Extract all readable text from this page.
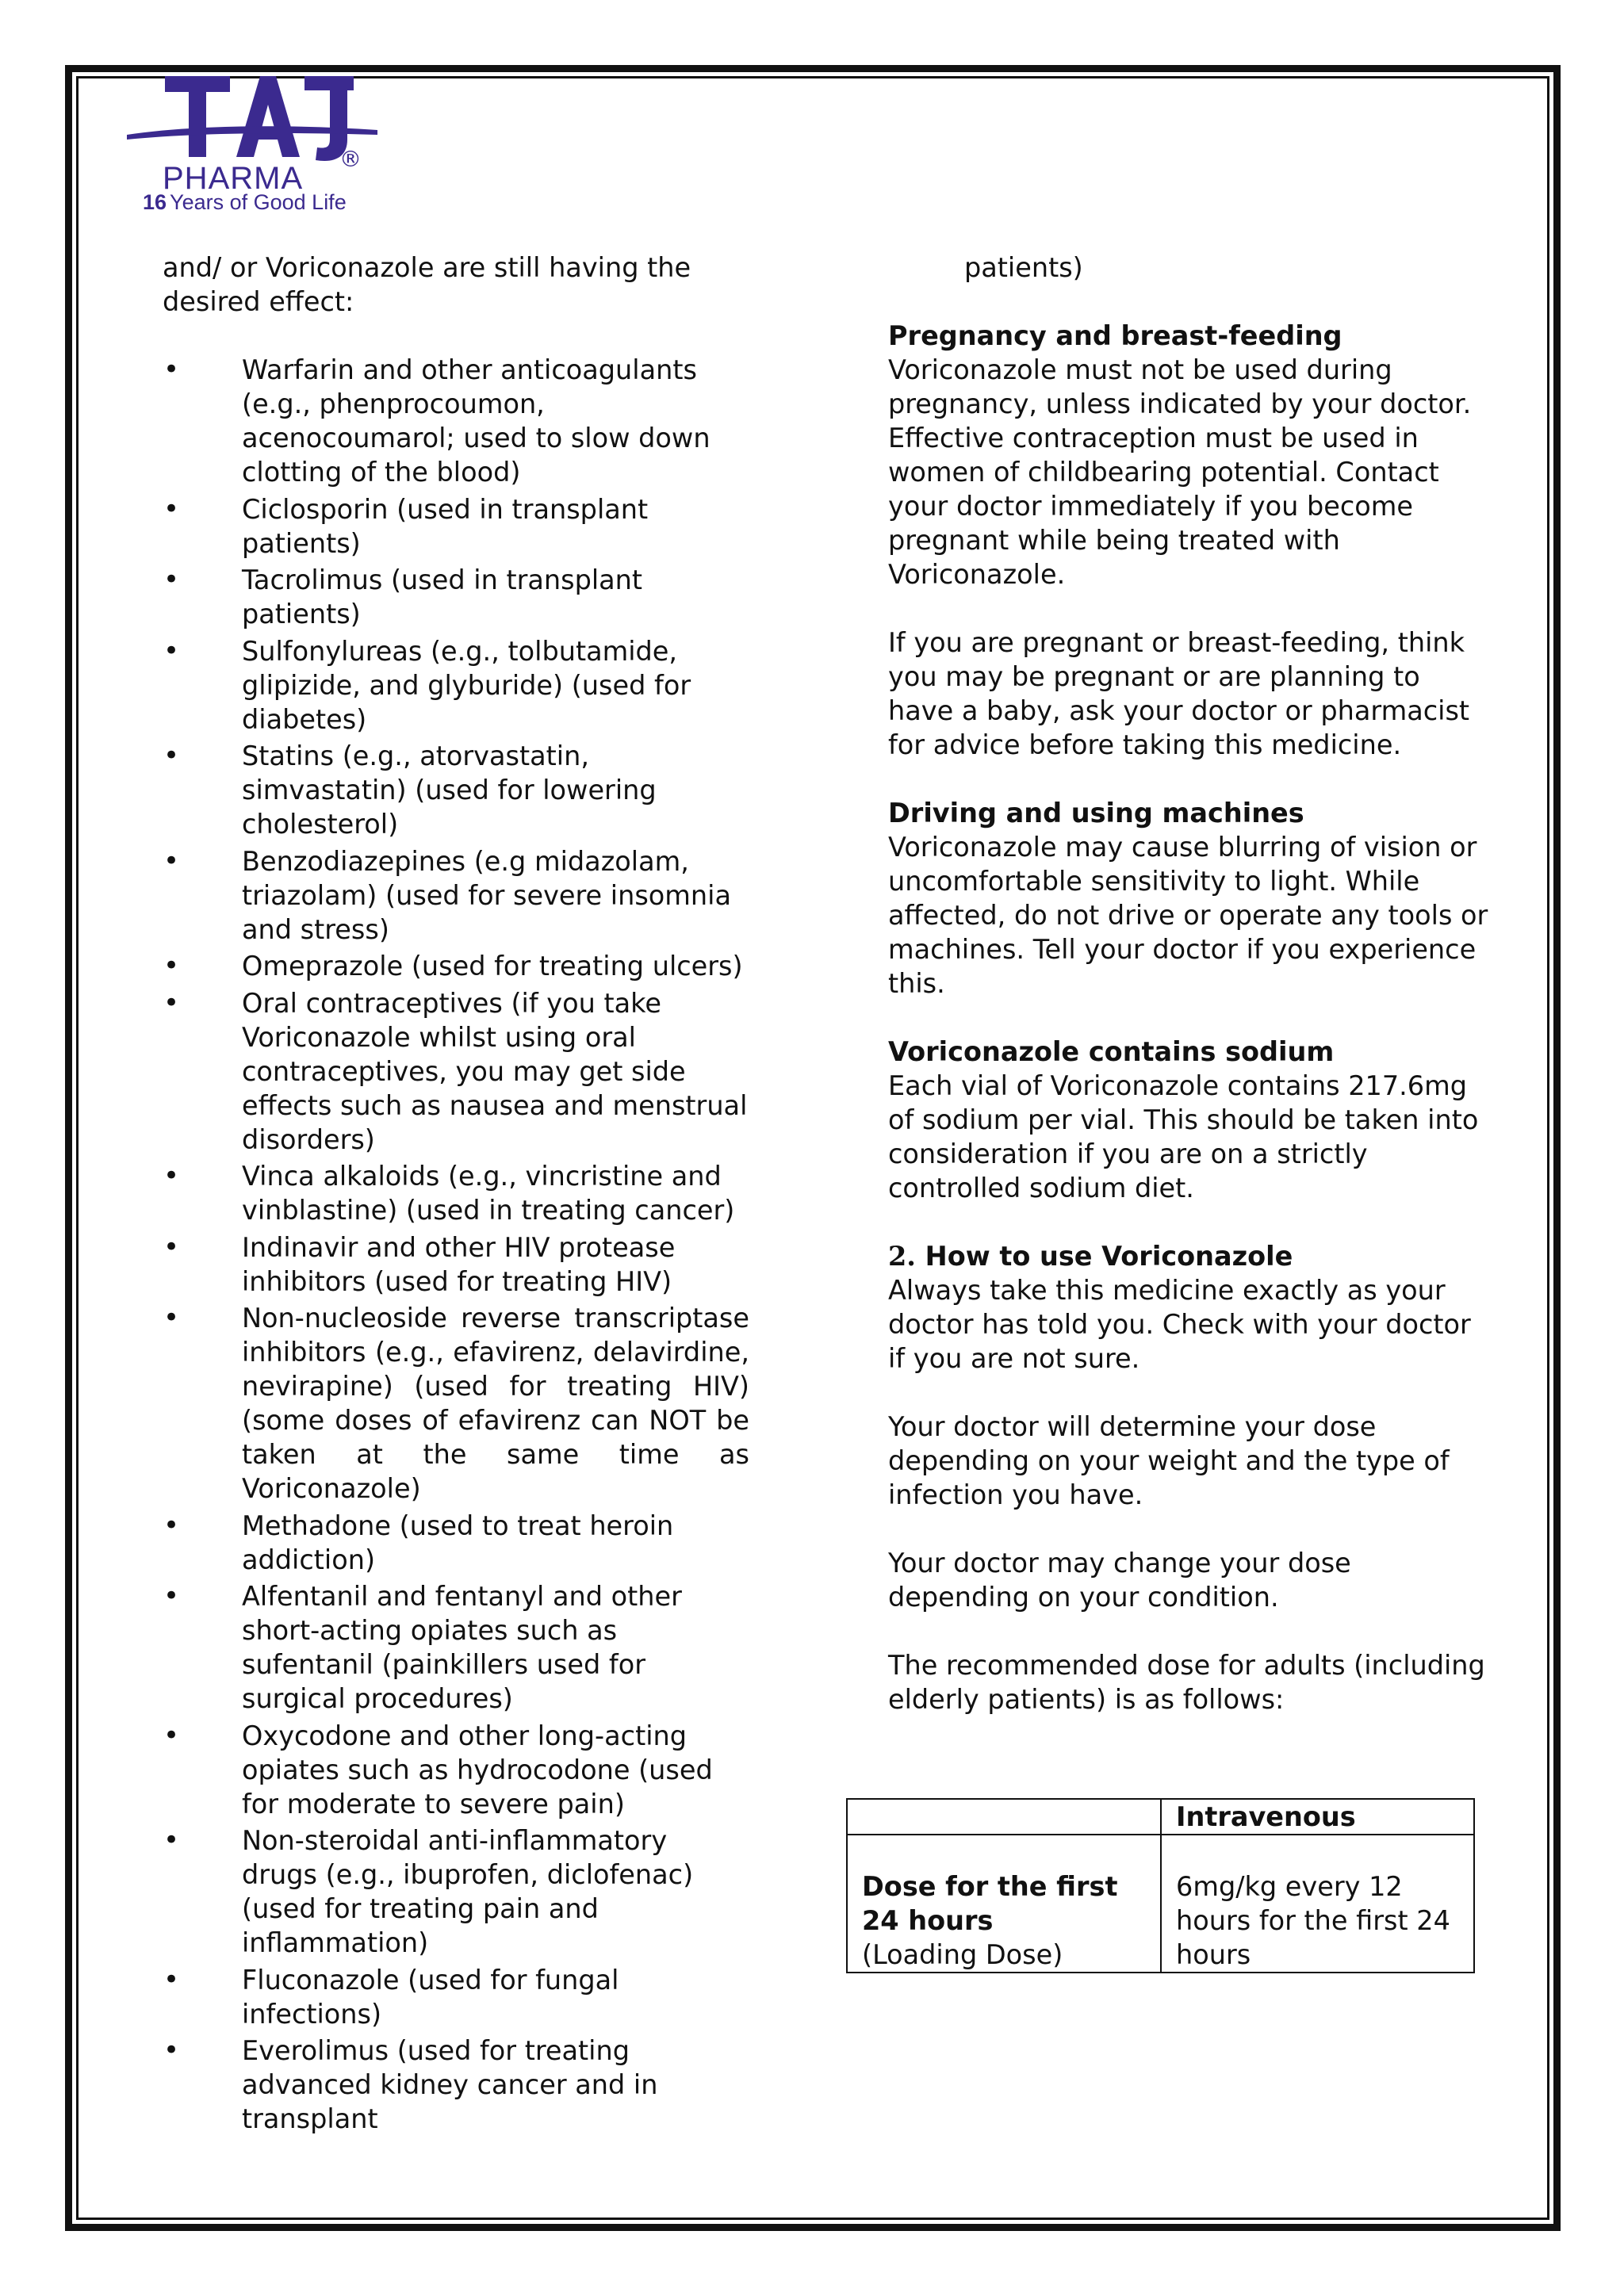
®
PHARMA
16 Years of Good Life

and/ or Voriconazole are still having the desired effect:

• Warfarin and other anticoagulants (e.g., phenprocoumon, acenocoumarol; used to slow down clotting of the blood)
• Ciclosporin (used in transplant patients)
• Tacrolimus (used in transplant patients)
• Sulfonylureas (e.g., tolbutamide, glipizide, and glyburide) (used for diabetes)
• Statins (e.g., atorvastatin, simvastatin) (used for lowering cholesterol)
• Benzodiazepines (e.g midazolam, triazolam) (used for severe insomnia and stress)
• Omeprazole (used for treating ulcers)
• Oral contraceptives (if you take Voriconazole whilst using oral contraceptives, you may get side effects such as nausea and menstrual disorders)
• Vinca alkaloids (e.g., vincristine and vinblastine) (used in treating cancer)
• Indinavir and other HIV protease inhibitors (used for treating HIV)
• Non-nucleoside reverse transcriptase inhibitors (e.g., efavirenz, delavirdine, nevirapine) (used for treating HIV) (some doses of efavirenz can NOT be taken at the same time as Voriconazole)
• Methadone (used to treat heroin addiction)
• Alfentanil and fentanyl and other short-acting opiates such as sufentanil (painkillers used for surgical procedures)
• Oxycodone and other long-acting opiates such as hydrocodone (used for moderate to severe pain)
• Non-steroidal anti-inflammatory drugs (e.g., ibuprofen, diclofenac) (used for treating pain and inflammation)
• Fluconazole (used for fungal infections)
• Everolimus (used for treating advanced kidney cancer and in transplant

patients)

Pregnancy and breast-feeding

Voriconazole must not be used during pregnancy, unless indicated by your doctor. Effective contraception must be used in women of childbearing potential. Contact your doctor immediately if you become pregnant while being treated with Voriconazole.

If you are pregnant or breast-feeding, think you may be pregnant or are planning to have a baby, ask your doctor or pharmacist for advice before taking this medicine.

Driving and using machines

Voriconazole may cause blurring of vision or uncomfortable sensitivity to light. While affected, do not drive or operate any tools or machines. Tell your doctor if you experience this.

Voriconazole contains sodium

Each vial of Voriconazole contains 217.6mg of sodium per vial. This should be taken into consideration if you are on a strictly controlled sodium diet.

2. How to use Voriconazole

Always take this medicine exactly as your doctor has told you. Check with your doctor if you are not sure.

Your doctor will determine your dose depending on your weight and the type of infection you have.

Your doctor may change your dose depending on your condition.

The recommended dose for adults (including elderly patients) is as follows:

	Intravenous

Dose for the first 24 hours
(Loading Dose)	6mg/kg every 12 hours for the first 24 hours
